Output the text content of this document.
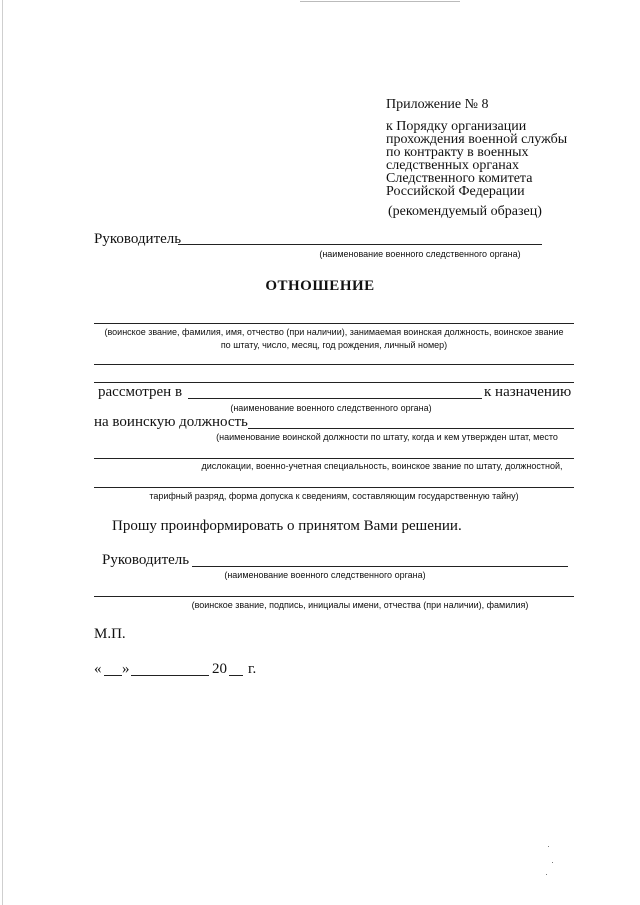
Приложение № 8
к Порядку организации
прохождения военной службы
по контракту в военных
следственных органах
Следственного комитета
Российской Федерации
(рекомендуемый образец)
Руководитель
(наименование военного следственного органа)
ОТНОШЕНИЕ
(воинское звание, фамилия, имя, отчество (при наличии), занимаемая воинская должность, воинское звание
по штату, число, месяц, год рождения, личный номер)
рассмотрен в	к назначению
(наименование военного следственного органа)
на воинскую должность
(наименование воинской должности по штату, когда и кем утвержден штат, место
дислокации, военно-учетная специальность, воинское звание по штату, должностной,
тарифный разряд, форма допуска к сведениям, составляющим государственную тайну)
Прошу проинформировать о принятом Вами решении.
Руководитель
(наименование военного следственного органа)
(воинское звание, подпись, инициалы имени, отчества (при наличии), фамилия)
М.П.
« »	20 г.
